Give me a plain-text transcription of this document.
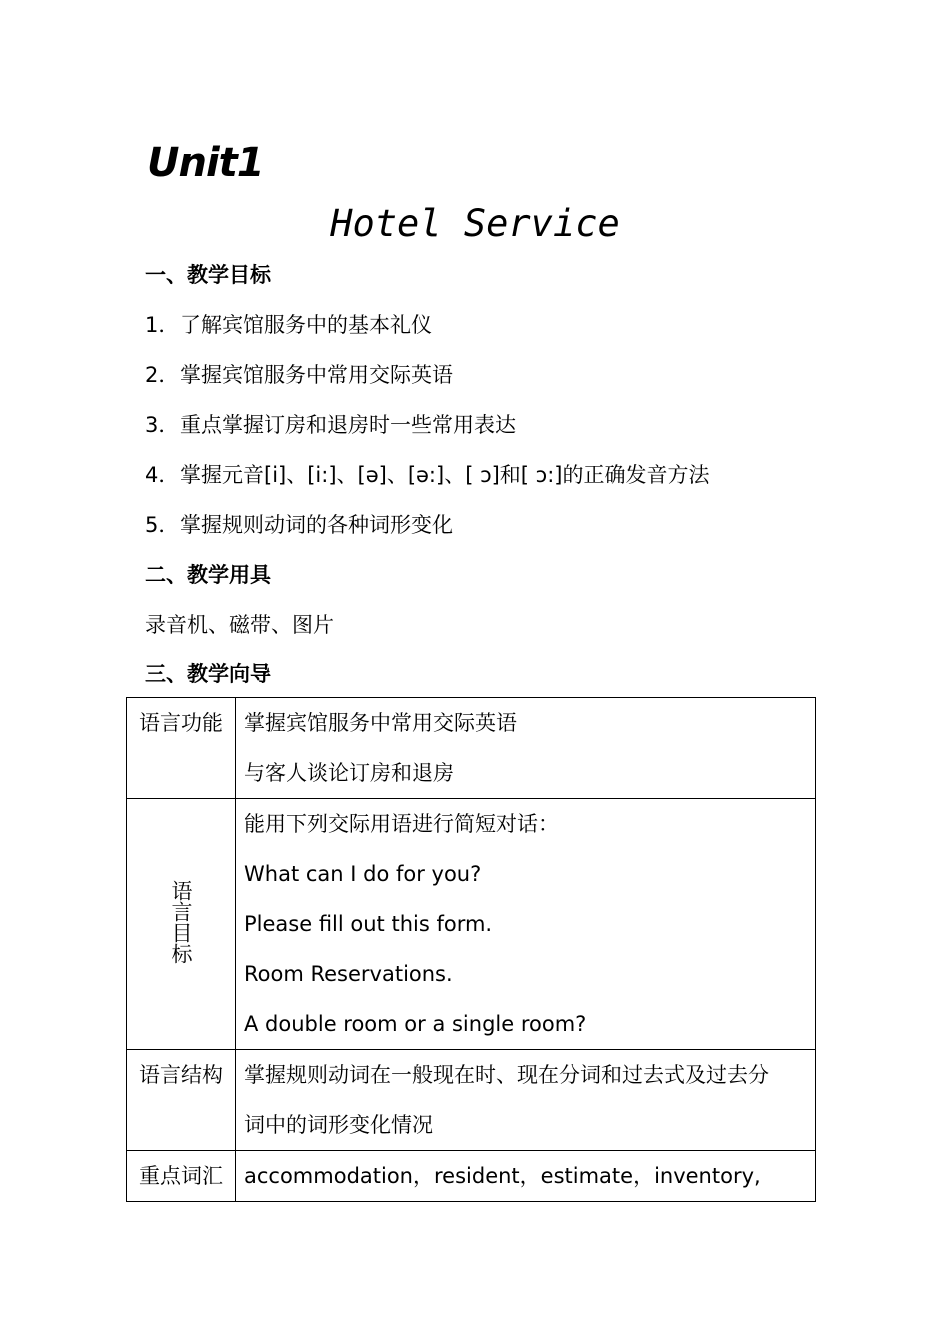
Unit1
Hotel Service
一、教学目标
1．了解宾馆服务中的基本礼仪
2．掌握宾馆服务中常用交际英语
3．重点掌握订房和退房时一些常用表达
4．掌握元音[i]、[i:]、[ə]、[ə:]、[ ɔ]和[ ɔ:]的正确发音方法
5．掌握规则动词的各种词形变化
二、教学用具
录音机、磁带、图片
三、教学向导
语言功能	掌握宾馆服务中常用交际英语
与客人谈论订房和退房

语言目标	能用下列交际用语进行简短对话：
What can I do for you?
Please fill out this form.
Room Reservations.
A double room or a single room?

语言结构	掌握规则动词在一般现在时、现在分词和过去式及过去分
词中的词形变化情况

重点词汇	accommodation，resident，estimate，inventory,
